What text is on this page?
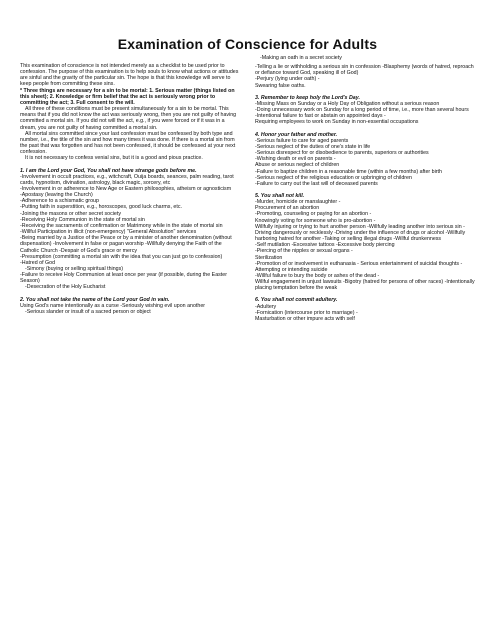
Examination of Conscience for Adults

This examination of conscience is not intended merely as a checklist to be used prior to confession. The purpose of this examination is to help souls to know what actions or attitudes are sinful and the gravity of the particular sin. The hope is that this knowledge will serve to keep people from committing these sins.

* Three things are necessary for a sin to be mortal: 1. Serious matter (things listed on this sheet); 2. Knowledge or firm belief that the act is seriously wrong prior to committing the act; 3. Full consent to the will.

All three of these conditions must be present simultaneously for a sin to be mortal. This means that if you did not know the act was seriously wrong, then you are not guilty of having committed a mortal sin. If you did not will the act, e.g., if you were forced or if it was in a dream, you are not guilty of having committed a mortal sin.

All mortal sins committed since your last confession must be confessed by both type and number, i.e., the title of the sin and how many times it was done. If there is a mortal sin from the past that was forgotten and has not been confessed, it should be confessed at your next confession.

It is not necessary to confess venial sins, but it is a good and pious practice.

1. I am the Lord your God, You shall not have strange gods before me.

-Involvement in occult practices, e.g., witchcraft, Ouija boards, seances, palm reading, tarot cards, hypnotism, divination, astrology, black magic, sorcery, etc

-Involvement in or adherence to New Age or Eastern philosophies, atheism or agnosticism

-Apostasy (leaving the Church)

-Adherence to a schismatic group

-Putting faith in superstition, e.g., horoscopes, good luck charms, etc.

-Joining the masons or other secret society

-Receiving Holy Communion in the state of mortal sin

-Receiving the sacraments of confirmation or Matrimony while in the state of mortal sin

-Willful Participation in illicit (non-emergency) "General Absolution" services

-Being married by a Justice of the Peace or by a minister of another denomination (without dispensation) -Involvement in false or pagan worship -Willfully denying the Faith of the Catholic Church -Despair of God's grace or mercy

-Presumption (committing a mortal sin with the idea that you can just go to confession)

-Hatred of God

-Simony (buying or selling spiritual things)

-Failure to receive Holy Communion at least once per year (if possible, during the Easter Season)

-Desecration of the Holy Eucharist

2. You shall not take the name of the Lord your God in vain.

Using God's name intentionally as a curse -Seriously wishing evil upon another

-Serious slander or insult of a sacred person or object

-Making an oath in a secret society

-Telling a lie or withholding a serious sin in confession -Blasphemy (words of hatred, reproach or defiance toward God, speaking ill of God)

-Perjury (lying under oath) -

Swearing false oaths.

3. Remember to keep holy the Lord's Day.

-Missing Mass on Sunday or a Holy Day of Obligation without a serious reason

-Doing unnecessary work on Sunday for a long period of time, i.e., more than several hours

-Intentional failure to fast or abstain on appointed days -

Requiring employees to work on Sunday in non-essential occupations

4. Honor your father and mother.

-Serious failure to care for aged parents

-Serious neglect of the duties of one's state in life

-Serious disrespect for or disobedience to parents, superiors or authorities

-Wishing death or evil on parents -

Abuse or serious neglect of children

-Failure to baptize children in a reasonable time (within a few months) after birth

-Serious neglect of the religious education or upbringing of children

-Failure to carry out the last will of deceased parents

5. You shall not kill.

-Murder, homicide or manslaughter -

Procurement of an abortion

-Promoting, counseling or paying for an abortion -

Knowingly voting for someone who is pro-abortion -

Willfully injuring or trying to hurt another person -Willfully leading another into serious sin -Driving dangerously or recklessly -Driving under the influence of drugs or alcohol -Willfully harboring hatred for another -Taking or selling illegal drugs -Willful drunkenness

-Self mutilation -Excessive tattoos -Excessive body piercing

-Piercing of the nipples or sexual organs -

Sterilization

-Promotion of or involvement in euthanasia - Serious entertainment of suicidal thoughts - Attempting or intending suicide

-Willful failure to bury the body or ashes of the dead -

Willful engagement in unjust lawsuits -Bigotry (hatred for persons of other races) -Intentionally placing temptation before the weak

6. You shall not commit adultery.

-Adultery

-Fornication (intercourse prior to marriage) -

Masturbation or other impure acts with self
